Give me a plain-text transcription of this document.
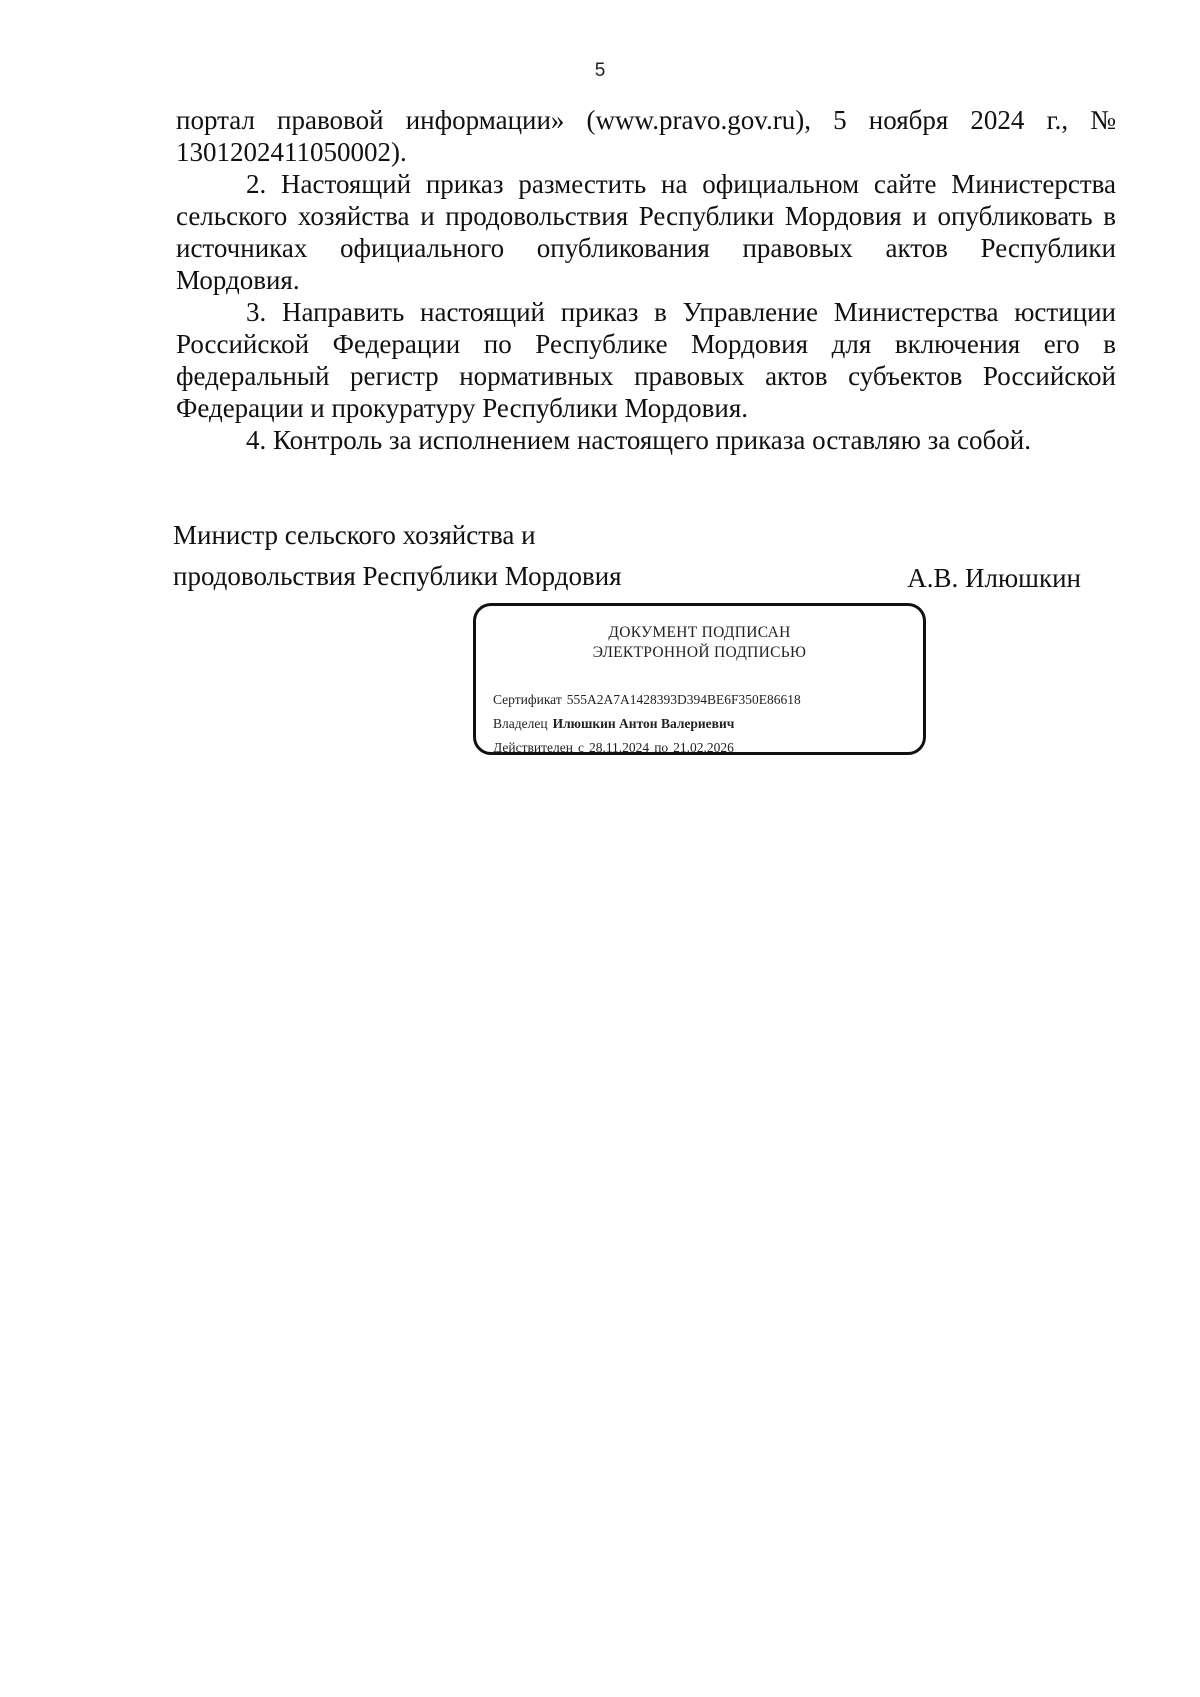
5

портал правовой информации» (www.pravo.gov.ru), 5 ноября 2024 г., № 1301202411050002).

2. Настоящий приказ разместить на официальном сайте Министерства сельского хозяйства и продовольствия Республики Мордовия и опубликовать в источниках официального опубликования правовых актов Республики Мордовия.

3. Направить настоящий приказ в Управление Министерства юстиции Российской Федерации по Республике Мордовия для включения его в федеральный регистр нормативных правовых актов субъектов Российской Федерации и прокуратуру Республики Мордовия.

4. Контроль за исполнением настоящего приказа оставляю за собой.

Министр сельского хозяйства и
продовольствия Республики Мордовия	А.В. Илюшкин
ДОКУМЕНТ ПОДПИСАН
ЭЛЕКТРОННОЙ ПОДПИСЬЮ
Сертификат 555A2A7A1428393D394BE6F350E86618
Владелец Илюшкин Антон Валериевич
Действителен с 28.11.2024 по 21.02.2026
